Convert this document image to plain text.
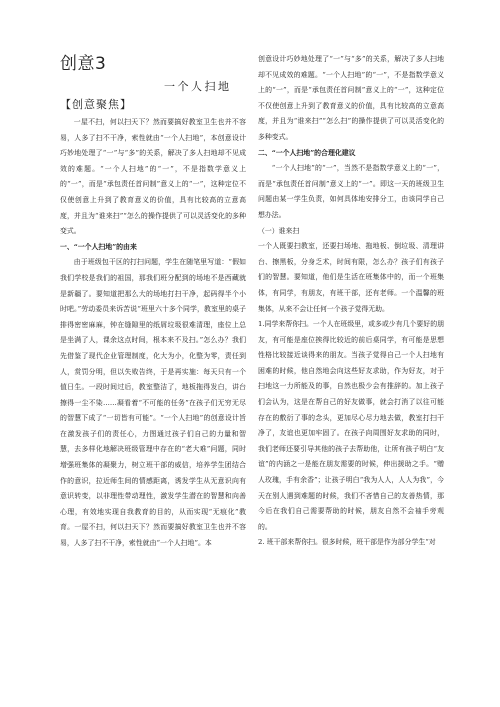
创意3
一个人扫地
【创意聚焦】

一屋不扫，何以扫天下？然而要搞好教室卫生也并不容易，人多了扫不干净，索性就由“一个人扫地”，本创意设计巧妙地处理了“一”与“多”的关系，解决了多人扫地却不见成效的难题。“一个人扫地”的“一”，不是指数学意义上的“一”，而是“承包责任首问制”意义上的“一”，这种定位不仅使创意上升到了教育意义的价值，具有比较高的立意高度，并且为“谁来扫”“怎么的操作提供了可以灵活变化的多种变式。

一、“一个人扫地”的由来

由于班级包干区的打扫问题，学生在随笔里写道：“假如我们学校是我们的祖国，那我们班分配到的场地不是西藏就是新疆了。要知道把那么大的场地打扫干净，起码得半个小时吧。”劳动委员来诉苦说“班里六十多个同学，教室里的桌子排得密密麻麻，钟在缝隙里的纸屑垃圾很难清理，座位上总是坐满了人，课余这点时间，根本来不及扫。”怎么办？我们先借鉴了现代企业管理制度，化大为小，化整为零，责任到人，赏罚分明，但以失败告终，于是再实施：每天只有一个值日生。一段时间过后，教室整洁了，地板拖得发白，讲台擦得一尘不染……凝看着“不可能的任务”在孩子们无穷无尽的智慧下成了“一切皆有可能”。“一个人扫地”的创意设计旨在激发孩子们的责任心，力图通过孩子们自己的力量和智慧，去多样化地解决班级管理中存在的“老大难”问题，同时增强班集体的凝聚力，树立班干部的威信，培养学生团结合作的意识，拉近师生间的情感距离，诱发学生从无意识向有意识转变，以非理性带动理性，激发学生潜在的智慧和向善心理，有效地实现自我教育的目的，从而实现“无痕化”教育。一屋不扫，何以扫天下？然而要搞好教室卫生也并不容易，人多了扫不干净，索性就由“一个人扫地”。本

创意设计巧妙地处理了“一”与“多”的关系，解决了多人扫地却不见成效的难题。“一个人扫地”的“一”，不是指数学意义上的“一”，而是“承包责任首问制”意义上的“一”，这种定位不仅使创意上升到了教育意义的价值，具有比较高的立意高度，并且为“谁来扫”“怎么扫”的操作提供了可以灵活变化的多种变式。

二、“一个人扫地”的合理化建议

“一个人扫地”的“一”，当然不是指数学意义上的“一”，而是“承包责任首问制”意义上的“一”。即这一天的班级卫生问题由某一学生负责，如何具体地安排分工，由该同学自己想办法。

（一）谁来扫

一个人既要扫教室，还要扫场地、拖地板、倒垃圾、清理讲台、擦黑板，分身乏术，时间有限，怎么办？孩子们有孩子们的智慧。要知道，他们是生活在班集体中的，而一个班集体，有同学，有朋友，有班干部，还有老师。一个温馨的班集体，从来不会让任何一个孩子觉得无助。

1.同学来帮你扫。一个人在班级里，或多或少有几个要好的朋友，有可能是座位挨得比较近的前后桌同学，有可能是思想性格比较接近谈得来的朋友。当孩子觉得自己一个人扫地有困难的时候，他自然地会向这些好友求助，作为好友，对于扫地这一力所能及的事，自然也极少会有推辞的。加上孩子们会认为，这是在帮自己的好友做事，就会打消了以往可能存在的敷衍了事的念头，更加尽心尽力地去做，教室打扫干净了，友谊也更加牢固了。在孩子向周围好友求助的同时，我们老师还要引导其他的孩子去帮助他，让所有孩子明白“友谊”的内涵之一是能在朋友需要的时候，伸出援助之手。“赠人玫瑰，手有余香”；让孩子明白“我为人人，人人为我”，今天在别人遇到难题的时候，我们不吝惜自己的友善热情，那今后在我们自己需要帮助的时候，朋友自然不会袖手旁观的。

2. 班干部来帮你扫。很多时候，班干部是作为部分学生“对
